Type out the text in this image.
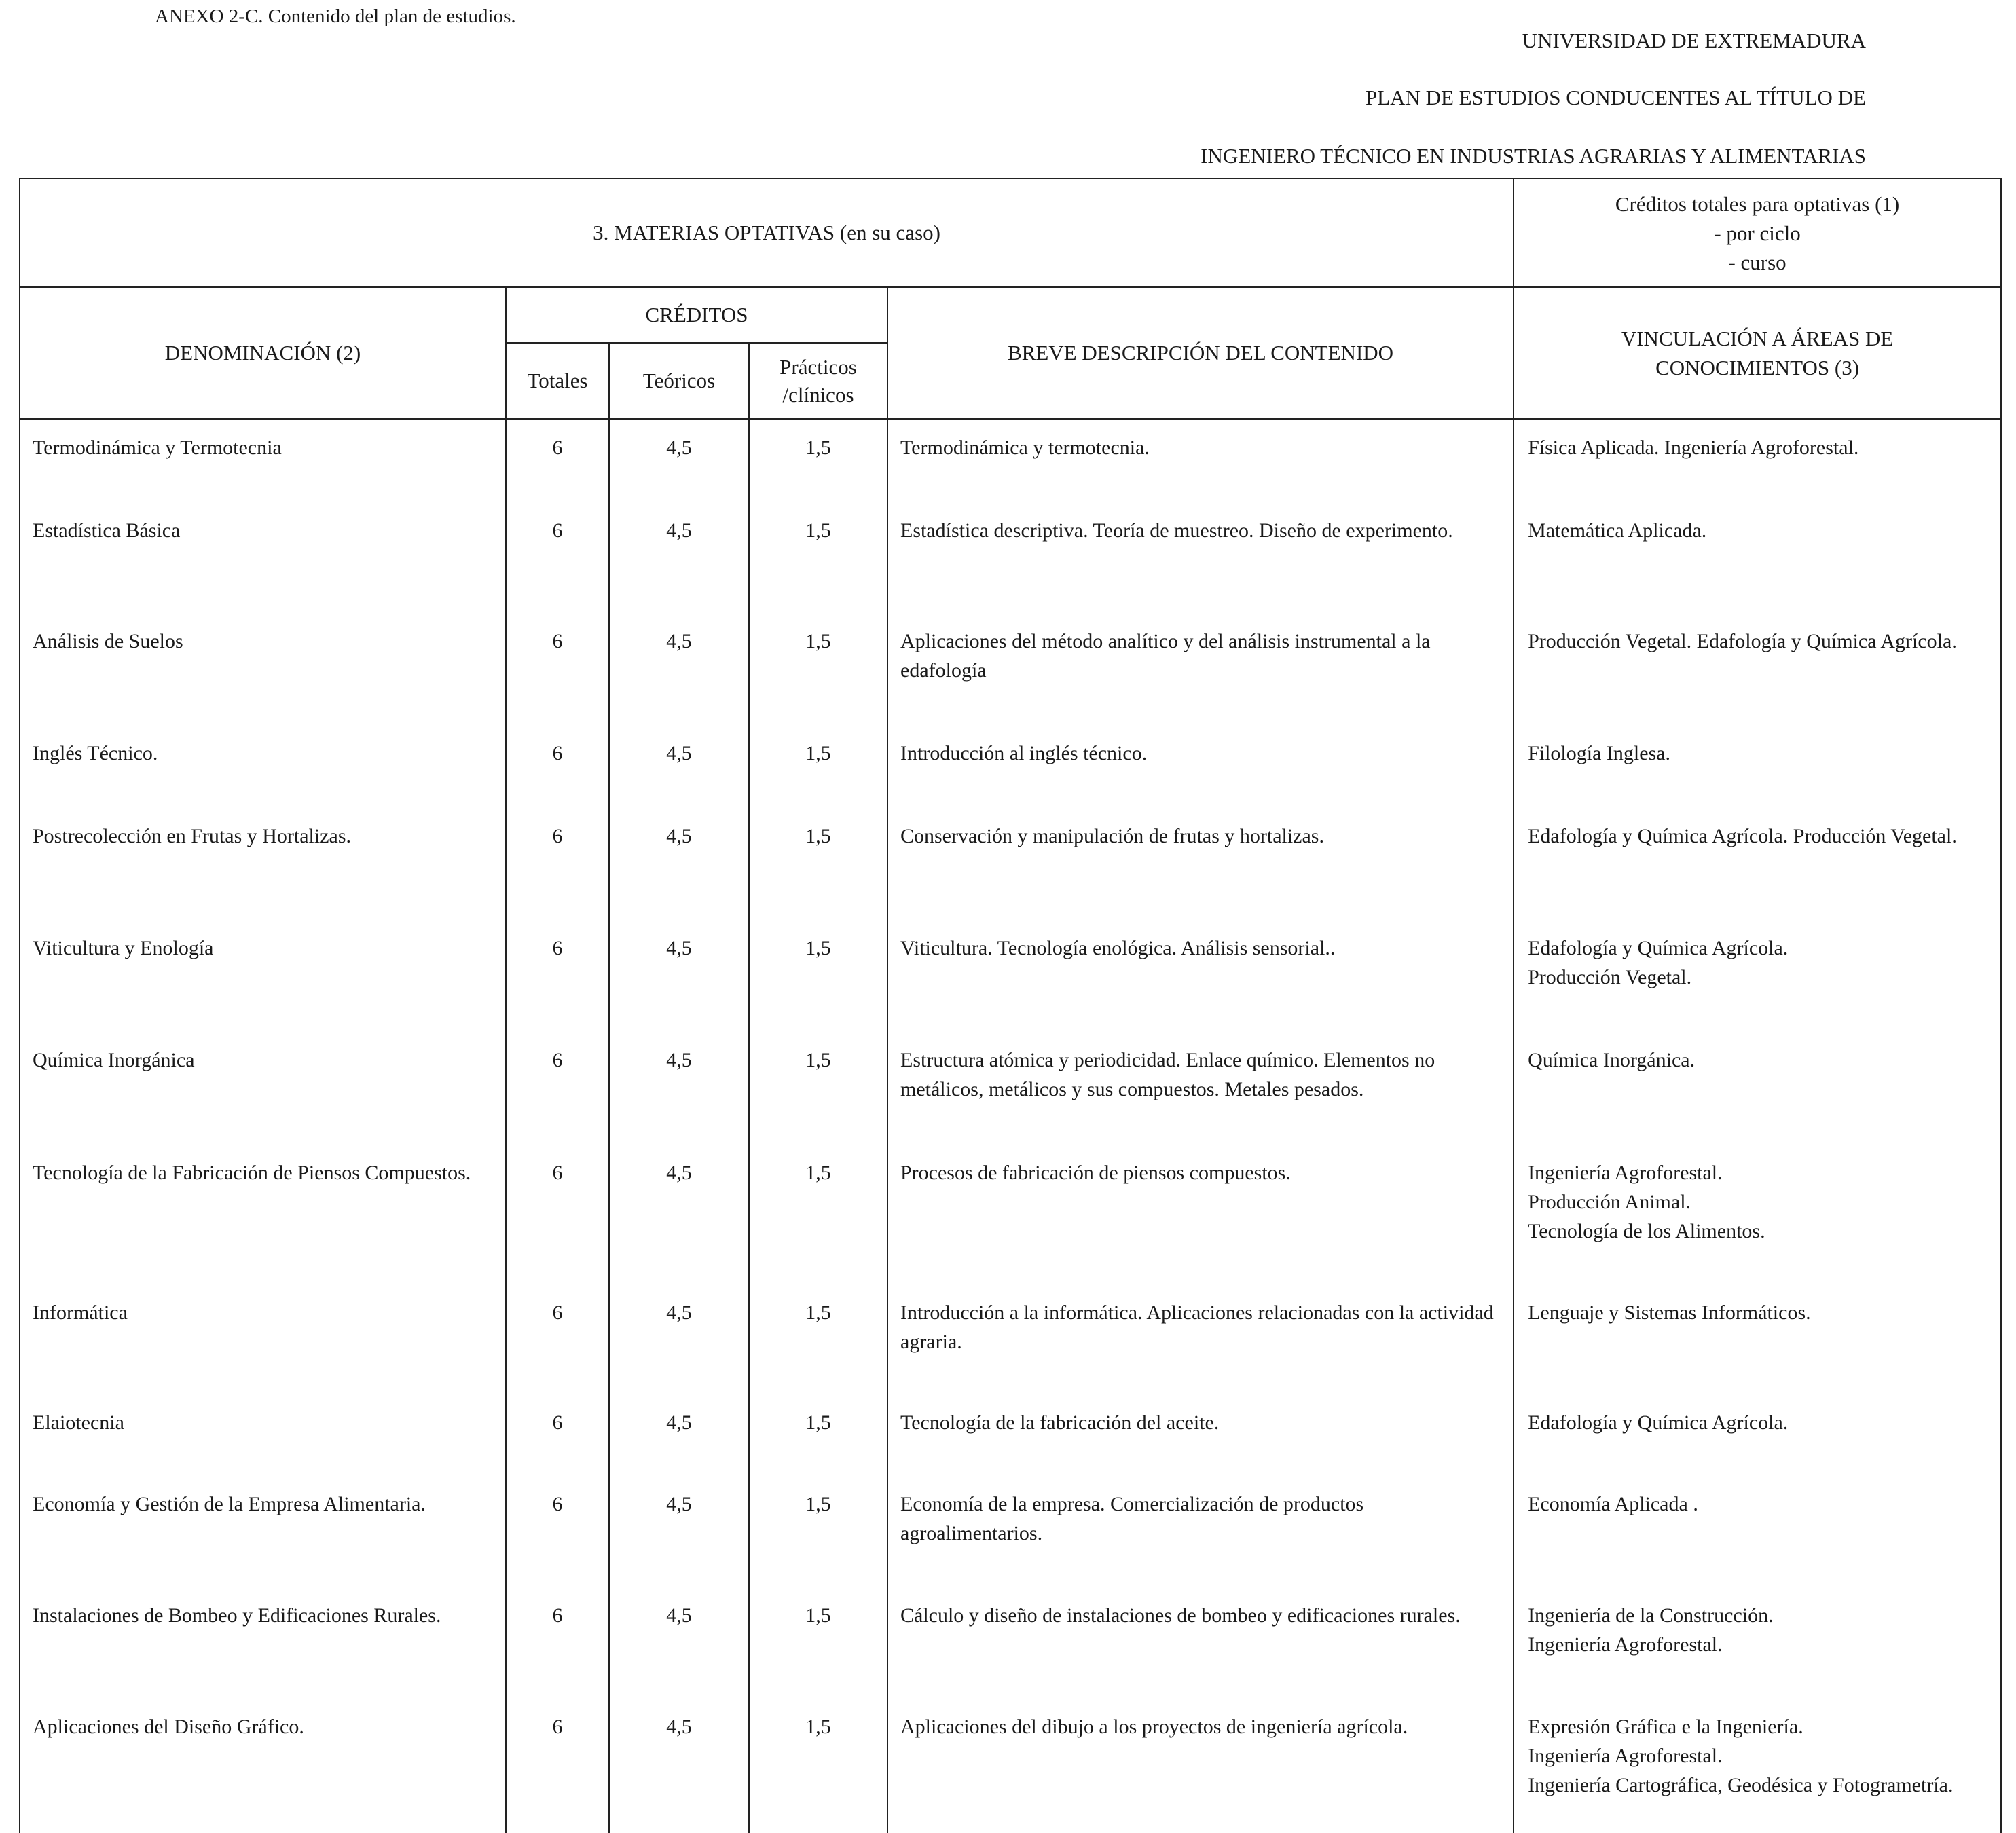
ANEXO 2-C. Contenido del plan de estudios.
UNIVERSIDAD DE EXTREMADURA
PLAN DE ESTUDIOS CONDUCENTES AL TÍTULO DE
INGENIERO TÉCNICO EN INDUSTRIAS AGRARIAS Y ALIMENTARIAS
3. MATERIAS OPTATIVAS (en su caso)					Créditos totales para optativas (1)
- por ciclo
- curso

DENOMINACIÓN (2)	CRÉDITOS			BREVE DESCRIPCIÓN DEL CONTENIDO	VINCULACIÓN A ÁREAS DE
CONOCIMIENTOS (3)

	Totales	Teóricos	Prácticos
/clínicos		

Termodinámica y Termotecnia	6	4,5	1,5	Termodinámica y termotecnia.	Física Aplicada. Ingeniería Agroforestal.

Estadística Básica	6	4,5	1,5	Estadística descriptiva. Teoría de muestreo. Diseño de experimento.	Matemática Aplicada.

Análisis de Suelos	6	4,5	1,5	Aplicaciones del método analítico y del análisis instrumental a la edafología	Producción Vegetal. Edafología y Química Agrícola.

Inglés Técnico.	6	4,5	1,5	Introducción al inglés técnico.	Filología Inglesa.

Postrecolección en Frutas y Hortalizas.	6	4,5	1,5	Conservación y manipulación de frutas y hortalizas.	Edafología y Química Agrícola. Producción Vegetal.

Viticultura y Enología	6	4,5	1,5	Viticultura. Tecnología enológica. Análisis sensorial..	Edafología y Química Agrícola.
Producción Vegetal.

Química Inorgánica	6	4,5	1,5	Estructura atómica y periodicidad. Enlace químico. Elementos no metálicos, metálicos y sus compuestos. Metales pesados.	Química Inorgánica.

Tecnología de la Fabricación de Piensos Compuestos.	6	4,5	1,5	Procesos de fabricación de piensos compuestos.	Ingeniería Agroforestal.
Producción Animal.
Tecnología de los Alimentos.

Informática	6	4,5	1,5	Introducción a la informática. Aplicaciones relacionadas con la actividad agraria.	Lenguaje y Sistemas Informáticos.

Elaiotecnia	6	4,5	1,5	Tecnología de la fabricación del aceite.	Edafología y Química Agrícola.

Economía y Gestión de la Empresa Alimentaria.	6	4,5	1,5	Economía de la empresa. Comercialización de productos agroalimentarios.	Economía Aplicada .

Instalaciones de Bombeo y Edificaciones Rurales.	6	4,5	1,5	Cálculo y diseño de instalaciones de bombeo y edificaciones rurales.	Ingeniería de la Construcción.
Ingeniería Agroforestal.

Aplicaciones del Diseño Gráfico.	6	4,5	1,5	Aplicaciones del dibujo a los proyectos de ingeniería agrícola.	Expresión Gráfica e la Ingeniería.
Ingeniería Agroforestal.
Ingeniería Cartográfica, Geodésica y Fotogrametría.
